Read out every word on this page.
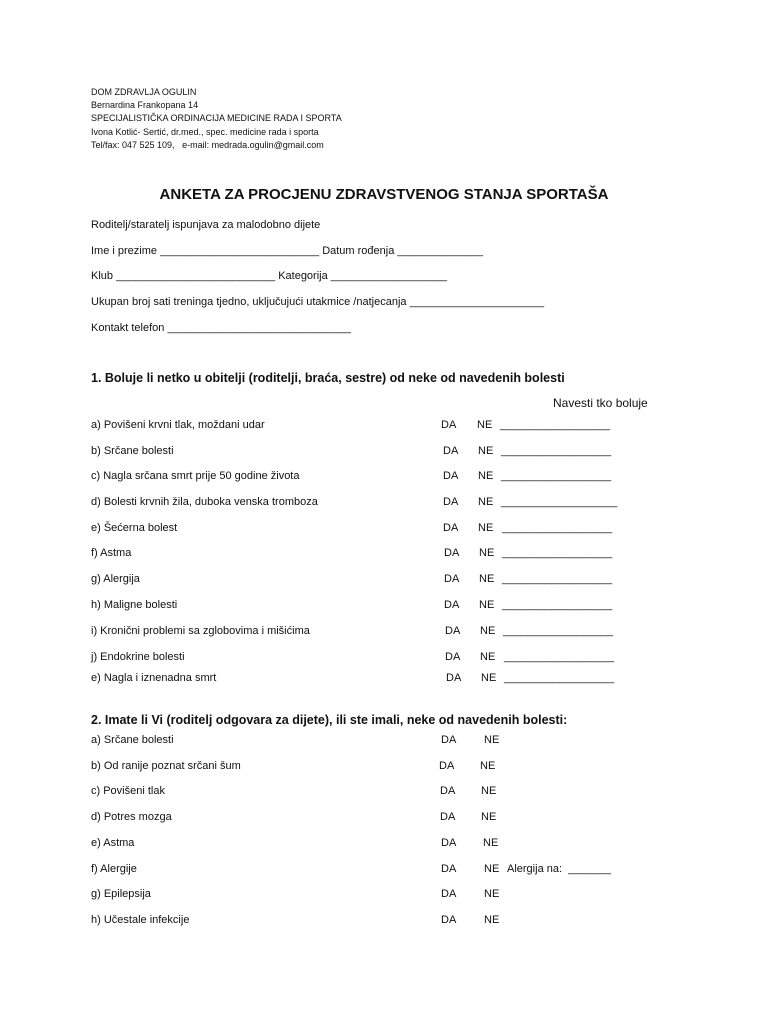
DOM ZDRAVLJA OGULIN
Bernardina Frankopana 14
SPECIJALISTIČKA ORDINACIJA MEDICINE RADA I SPORTA
Ivona Kotlić- Sertić, dr.med., spec. medicine rada i sporta
Tel/fax: 047 525 109,   e-mail: medrada.ogulin@gmail.com
ANKETA ZA PROCJENU ZDRAVSTVENOG STANJA SPORTAŠA
Roditelj/staratelj ispunjava za malodobno dijete
Ime i prezime __________________________ Datum rođenja ______________
Klub __________________________ Kategorija ___________________
Ukupan broj sati treninga tjedno, uključujući utakmice /natjecanja ______________________
Kontakt telefon ______________________________
1. Boluje li netko u obitelji (roditelji, braća, sestre) od neke od navedenih bolesti
Navesti tko boluje
a) Povišeni krvni tlak, moždani udar	DA NE __________________
b) Srčane bolesti	DA NE __________________
c) Nagla srčana smrt prije 50 godine života	DA NE __________________
d) Bolesti krvnih žila, duboka venska tromboza	DA NE ___________________
e) Šećerna bolest	DA NE __________________
f) Astma	DA NE __________________
g) Alergija	DA NE __________________
h) Maligne bolesti	DA NE __________________
i) Kronični problemi sa zglobovima i mišićima	DA NE __________________
j) Endokrine bolesti	DA NE __________________
e) Nagla i iznenadna smrt	DA NE __________________
2. Imate li Vi (roditelj odgovara za dijete), ili ste imali, neke od navedenih bolesti:
a) Srčane bolesti	DA	NE
b) Od ranije poznat srčani šum	DA NE
c) Povišeni tlak	DA NE
d) Potres mozga	DA NE
e) Astma	DA NE
f) Alergije	DA	NE Alergija na:  _______
g) Epilepsija	DA	NE
h) Učestale infekcije	DA	NE
